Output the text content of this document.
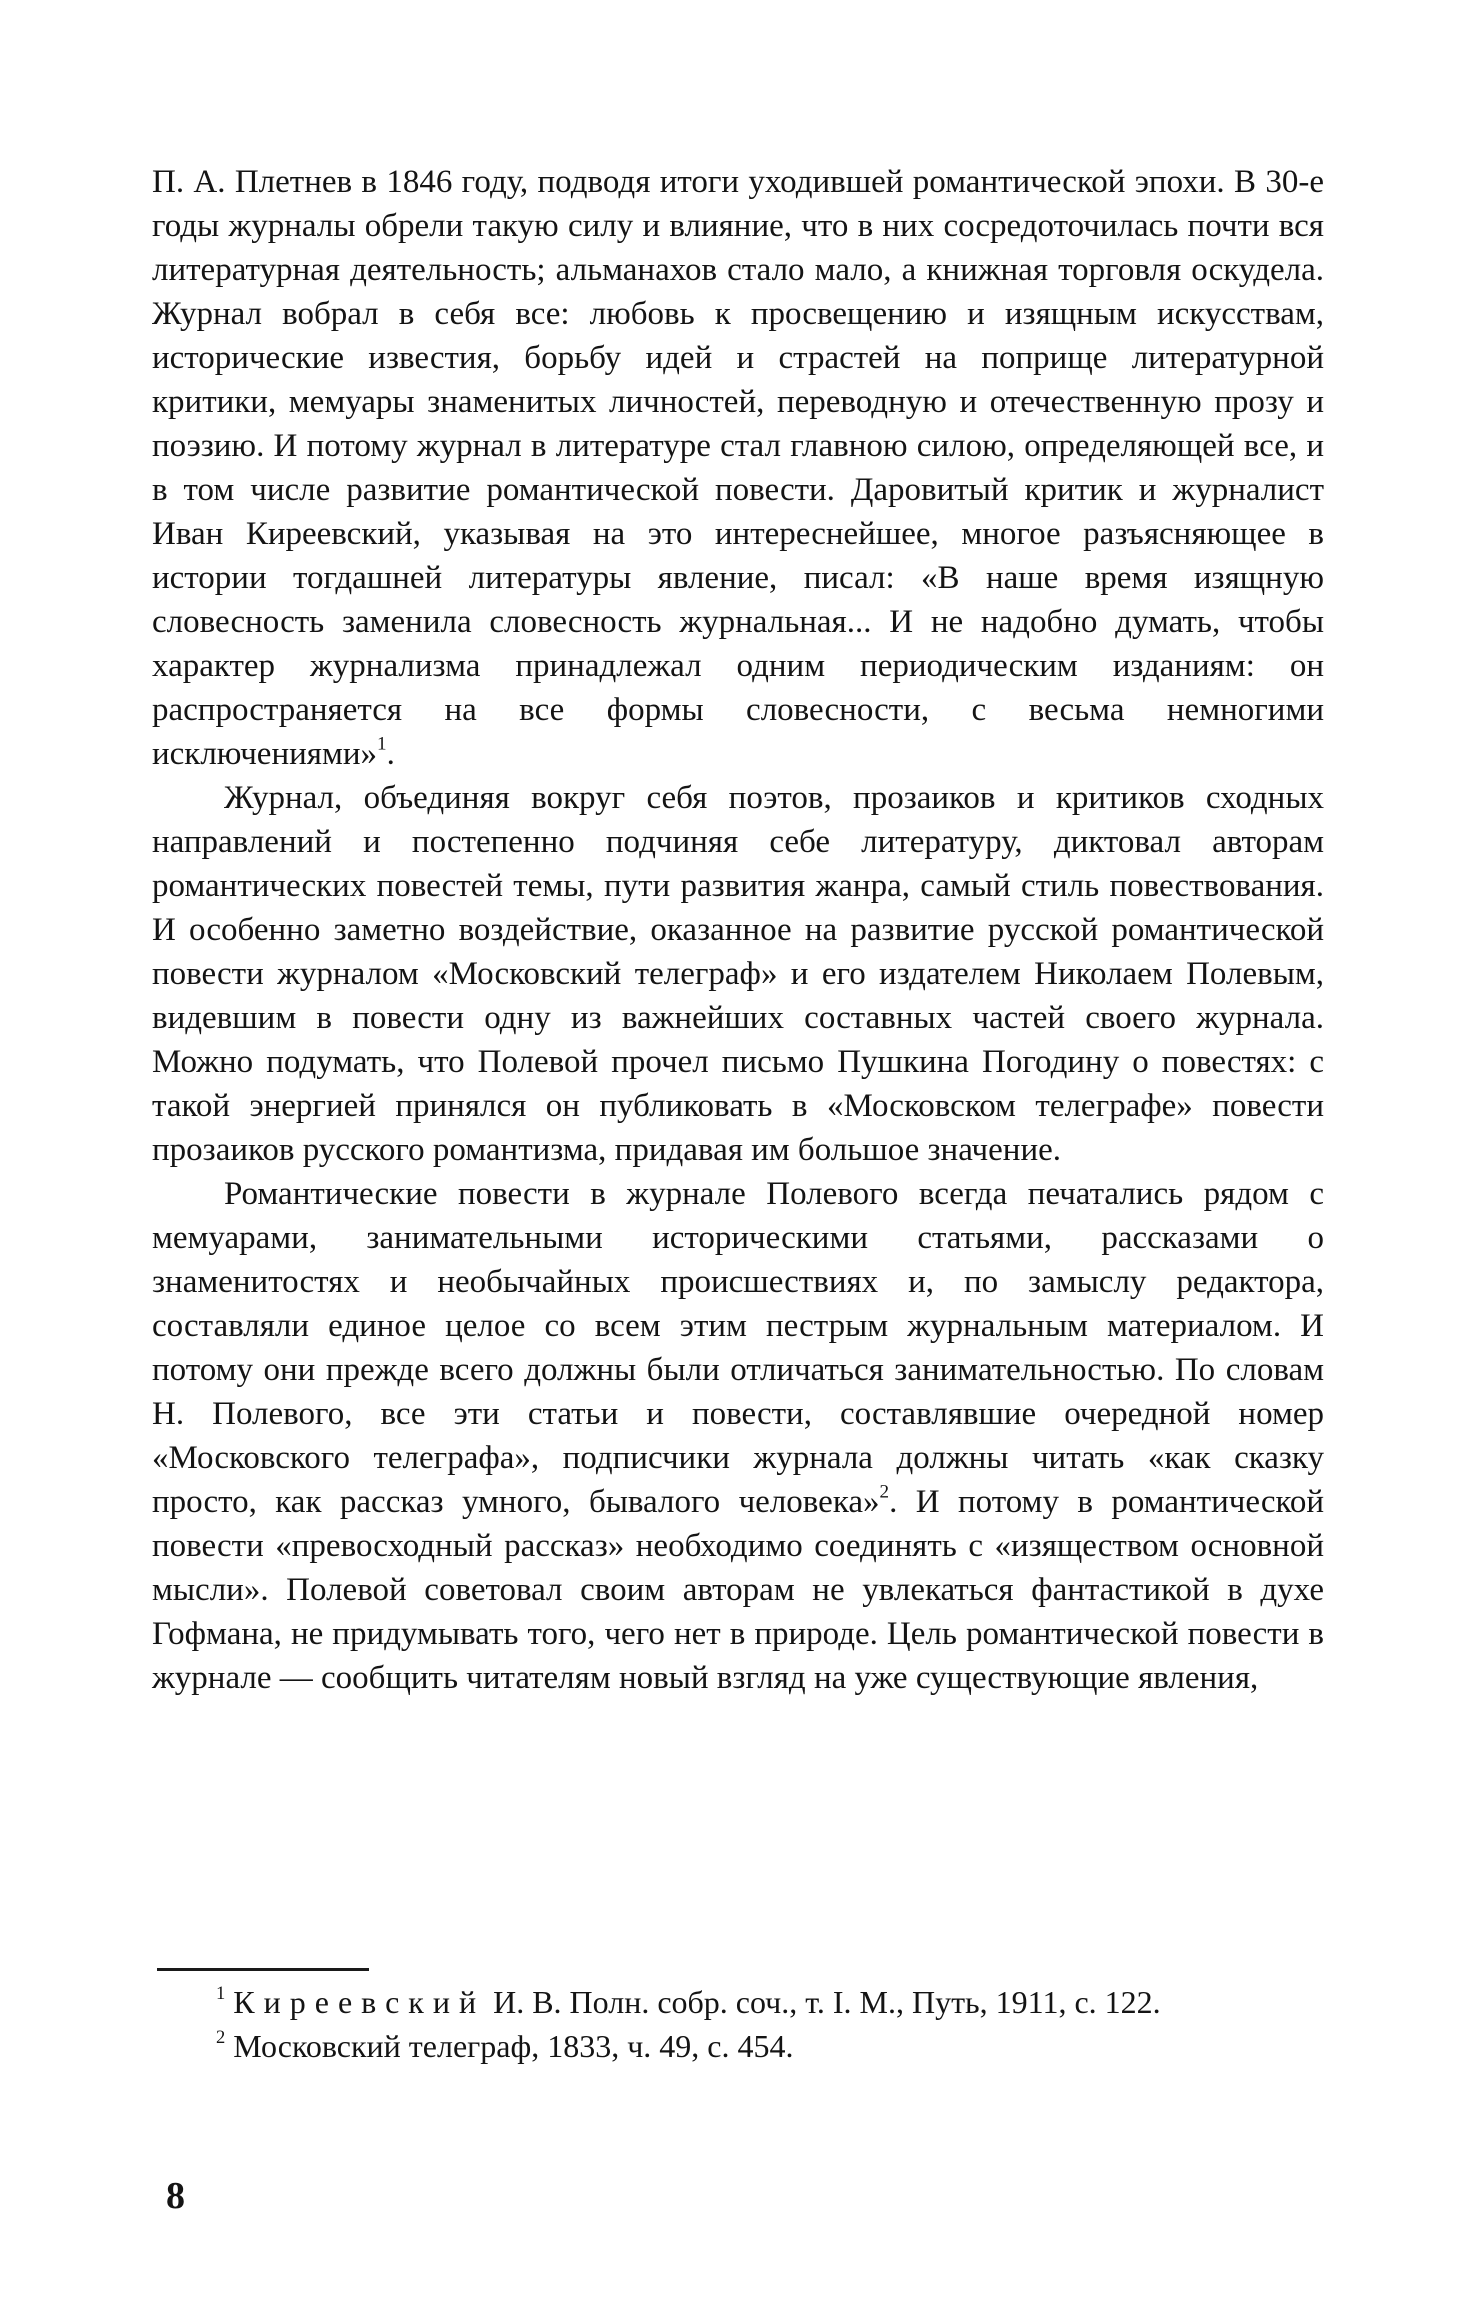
П. А. Плетнев в 1846 году, подводя итоги уходившей романтической эпохи. В 30-е годы журналы обрели такую силу и влияние, что в них сосредоточилась почти вся литературная деятельность; альманахов стало мало, а книжная торговля оскудела. Журнал вобрал в себя все: любовь к просвещению и изящным искусствам, исторические известия, борьбу идей и страстей на поприще литературной критики, мемуары знаменитых личностей, переводную и отечественную прозу и поэзию. И потому журнал в литературе стал главною силою, определяющей все, и в том числе развитие романтической повести. Даровитый критик и журналист Иван Киреевский, указывая на это интереснейшее, многое разъясняющее в истории тогдашней литературы явление, писал: «В наше время изящную словесность заменила словесность журнальная... И не надобно думать, чтобы характер журнализма принадлежал одним периодическим изданиям: он распространяется на все формы словесности, с весьма немногими исключениями»$^1$.

Журнал, объединяя вокруг себя поэтов, прозаиков и критиков сходных направлений и постепенно подчиняя себе литературу, диктовал авторам романтических повестей темы, пути развития жанра, самый стиль повествования. И особенно заметно воздействие, оказанное на развитие русской романтической повести журналом «Московский телеграф» и его издателем Николаем Полевым, видевшим в повести одну из важнейших составных частей своего журнала. Можно подумать, что Полевой прочел письмо Пушкина Погодину о повестях: с такой энергией принялся он публиковать в «Московском телеграфе» повести прозаиков русского романтизма, придавая им большое значение.

Романтические повести в журнале Полевого всегда печатались рядом с мемуарами, занимательными историческими статьями, рассказами о знаменитостях и необычайных происшествиях и, по замыслу редактора, составляли единое целое со всем этим пестрым журнальным материалом. И потому они прежде всего должны были отличаться занимательностью. По словам Н. Полевого, все эти статьи и повести, составлявшие очередной номер «Московского телеграфа», подписчики журнала должны читать «как сказку просто, как рассказ умного, бывалого человека»$^2$. И потому в романтической повести «превосходный рассказ» необходимо соединять с «изяществом основной мысли». Полевой советовал своим авторам не увлекаться фантастикой в духе Гофмана, не придумывать того, чего нет в природе. Цель романтической повести в журнале — сообщить читателям новый взгляд на уже существующие явления,

$^1$ Киреевский И. В. Полн. собр. соч., т. I. М., Путь, 1911, с. 122.

$^2$ Московский телеграф, 1833, ч. 49, с. 454.

8
